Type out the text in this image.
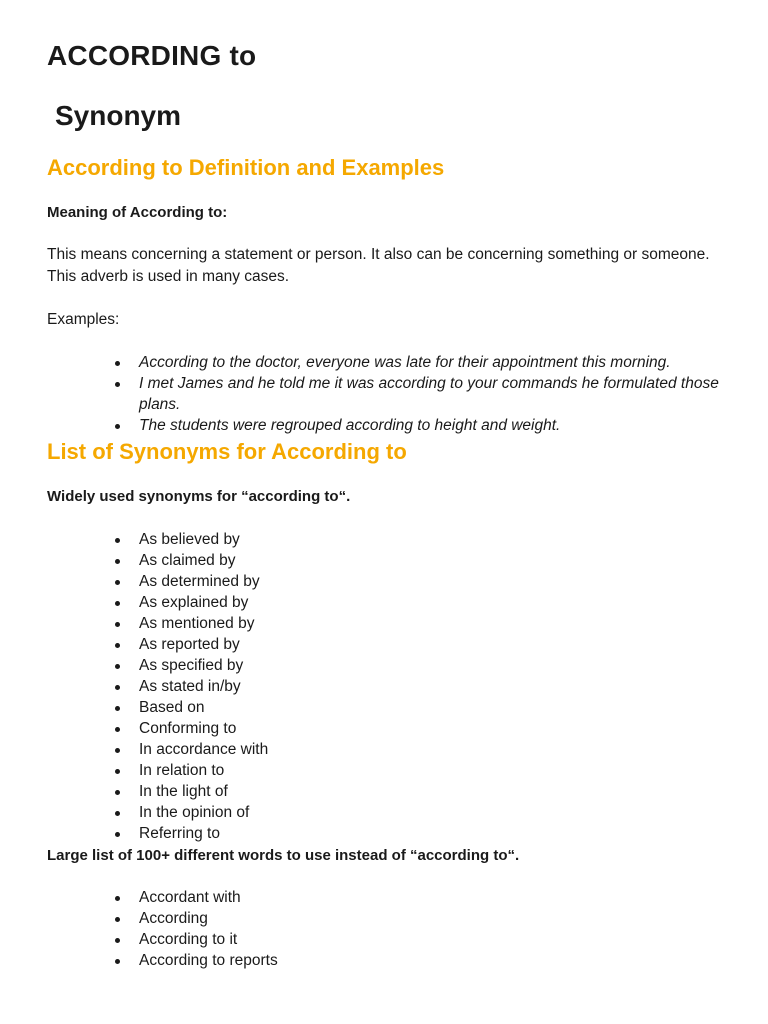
ACCORDING to
Synonym
According to Definition and Examples
Meaning of According to:
This means concerning a statement or person. It also can be concerning something or someone. This adverb is used in many cases.
Examples:
According to the doctor, everyone was late for their appointment this morning.
I met James and he told me it was according to your commands he formulated those plans.
The students were regrouped according to height and weight.
List of Synonyms for According to
Widely used synonyms for “according to“.
As believed by
As claimed by
As determined by
As explained by
As mentioned by
As reported by
As specified by
As stated in/by
Based on
Conforming to
In accordance with
In relation to
In the light of
In the opinion of
Referring to
Large list of 100+ different words to use instead of “according to“.
Accordant with
According
According to it
According to reports
